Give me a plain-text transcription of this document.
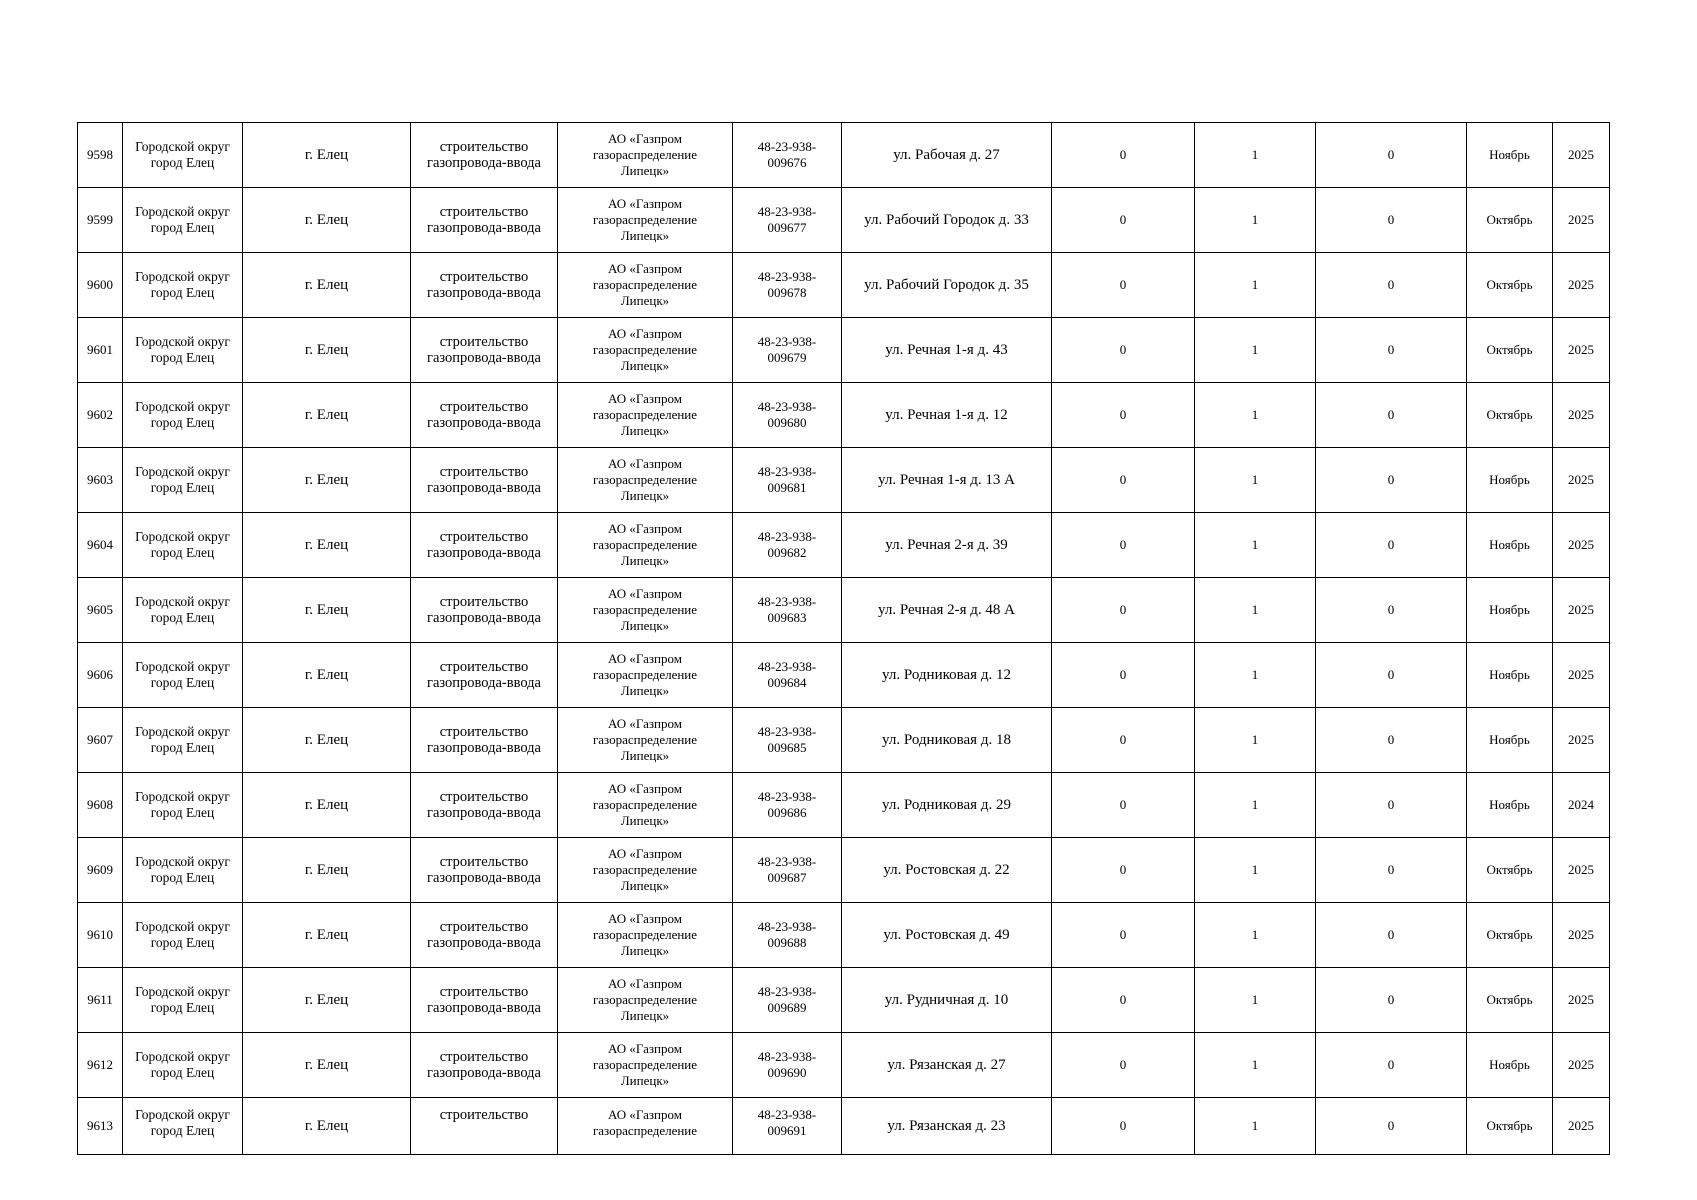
9598	Городской округ
город Елец	г. Елец	строительство
газопровода-ввода	АО «Газпром
газораспределение
Липецк»	48-23-938-
009676	ул. Рабочая д. 27	0	1	0	Ноябрь	2025
9599	Городской округ
город Елец	г. Елец	строительство
газопровода-ввода	АО «Газпром
газораспределение
Липецк»	48-23-938-
009677	ул. Рабочий Городок д. 33	0	1	0	Октябрь	2025
9600	Городской округ
город Елец	г. Елец	строительство
газопровода-ввода	АО «Газпром
газораспределение
Липецк»	48-23-938-
009678	ул. Рабочий Городок д. 35	0	1	0	Октябрь	2025
9601	Городской округ
город Елец	г. Елец	строительство
газопровода-ввода	АО «Газпром
газораспределение
Липецк»	48-23-938-
009679	ул. Речная 1-я д. 43	0	1	0	Октябрь	2025
9602	Городской округ
город Елец	г. Елец	строительство
газопровода-ввода	АО «Газпром
газораспределение
Липецк»	48-23-938-
009680	ул. Речная 1-я д. 12	0	1	0	Октябрь	2025
9603	Городской округ
город Елец	г. Елец	строительство
газопровода-ввода	АО «Газпром
газораспределение
Липецк»	48-23-938-
009681	ул. Речная 1-я д. 13 А	0	1	0	Ноябрь	2025
9604	Городской округ
город Елец	г. Елец	строительство
газопровода-ввода	АО «Газпром
газораспределение
Липецк»	48-23-938-
009682	ул. Речная 2-я д. 39	0	1	0	Ноябрь	2025
9605	Городской округ
город Елец	г. Елец	строительство
газопровода-ввода	АО «Газпром
газораспределение
Липецк»	48-23-938-
009683	ул. Речная 2-я д. 48 А	0	1	0	Ноябрь	2025
9606	Городской округ
город Елец	г. Елец	строительство
газопровода-ввода	АО «Газпром
газораспределение
Липецк»	48-23-938-
009684	ул. Родниковая д. 12	0	1	0	Ноябрь	2025
9607	Городской округ
город Елец	г. Елец	строительство
газопровода-ввода	АО «Газпром
газораспределение
Липецк»	48-23-938-
009685	ул. Родниковая д. 18	0	1	0	Ноябрь	2025
9608	Городской округ
город Елец	г. Елец	строительство
газопровода-ввода	АО «Газпром
газораспределение
Липецк»	48-23-938-
009686	ул. Родниковая д. 29	0	1	0	Ноябрь	2024
9609	Городской округ
город Елец	г. Елец	строительство
газопровода-ввода	АО «Газпром
газораспределение
Липецк»	48-23-938-
009687	ул. Ростовская д. 22	0	1	0	Октябрь	2025
9610	Городской округ
город Елец	г. Елец	строительство
газопровода-ввода	АО «Газпром
газораспределение
Липецк»	48-23-938-
009688	ул. Ростовская д. 49	0	1	0	Октябрь	2025
9611	Городской округ
город Елец	г. Елец	строительство
газопровода-ввода	АО «Газпром
газораспределение
Липецк»	48-23-938-
009689	ул. Рудничная д. 10	0	1	0	Октябрь	2025
9612	Городской округ
город Елец	г. Елец	строительство
газопровода-ввода	АО «Газпром
газораспределение
Липецк»	48-23-938-
009690	ул. Рязанская д. 27	0	1	0	Ноябрь	2025
9613	Городской округ
город Елец	г. Елец	строительство	АО «Газпром
газораспределение	48-23-938-
009691	ул. Рязанская д. 23	0	1	0	Октябрь	2025
